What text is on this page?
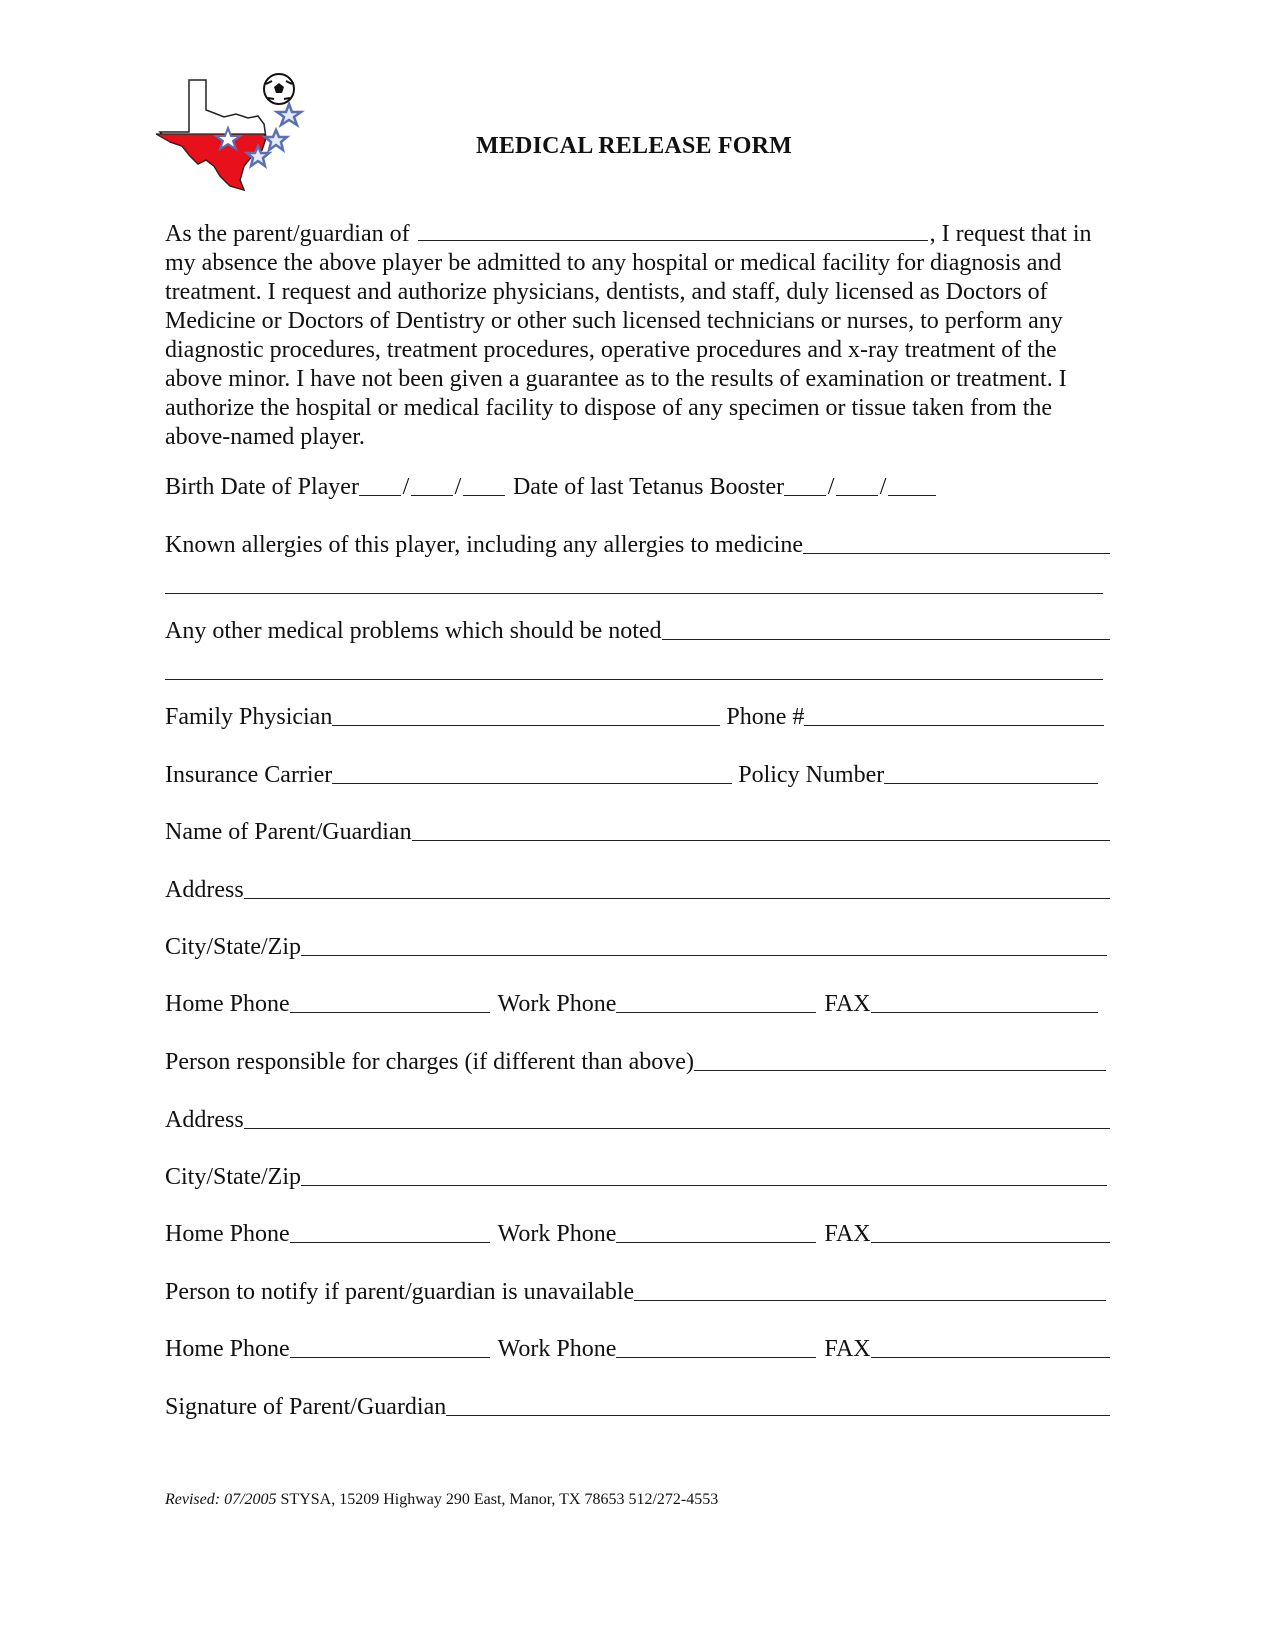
MEDICAL RELEASE FORM

As the parent/guardian of	, I request that in my absence the above player be admitted to any hospital or medical facility for diagnosis and treatment. I request and authorize physicians, dentists, and staff, duly licensed as Doctors of Medicine or Doctors of Dentistry or other such licensed technicians or nurses, to perform any diagnostic procedures, treatment procedures, operative procedures and x-ray treatment of the above minor. I have not been given a guarantee as to the results of examination or treatment. I authorize the hospital or medical facility to dispose of any specimen or tissue taken from the above-named player.

Birth Date of Player / / Date of last Tetanus Booster / /
Known allergies of this player, including any allergies to medicine
Any other medical problems which should be noted
Family Physician	Phone #
Insurance Carrier	Policy Number
Name of Parent/Guardian
Address
City/State/Zip
Home Phone	Work Phone	FAX
Person responsible for charges (if different than above)
Address
City/State/Zip
Home Phone	Work Phone	FAX
Person to notify if parent/guardian is unavailable
Home Phone	Work Phone	FAX
Signature of Parent/Guardian
Revised: 07/2005 STYSA, 15209 Highway 290 East, Manor, TX 78653 512/272-4553
